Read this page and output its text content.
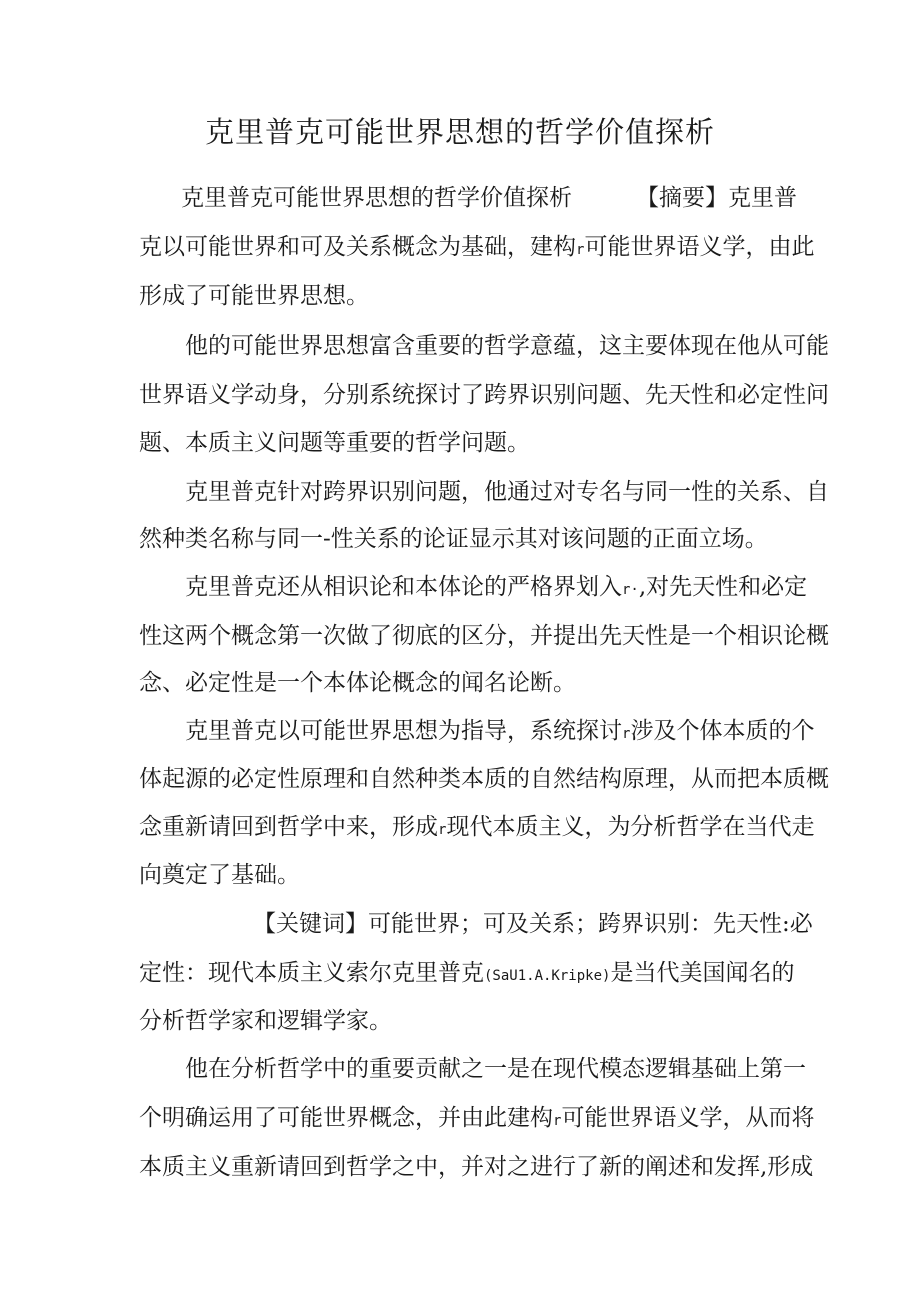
克里普克可能世界思想的哲学价值探析

克里普克可能世界思想的哲学价值探析	【摘要】克里普

克以可能世界和可及关系概念为基础，建构r可能世界语义学，由此

形成了可能世界思想。

他的可能世界思想富含重要的哲学意蕴，这主要体现在他从可能

世界语义学动身，分别系统探讨了跨界识别问题、先天性和必定性问

题、本质主义问题等重要的哲学问题。

克里普克针对跨界识别问题，他通过对专名与同一性的关系、自

然种类名称与同一-性关系的论证显示其对该问题的正面立场。

克里普克还从相识论和本体论的严格界划入r·,对先天性和必定

性这两个概念第一次做了彻底的区分，并提出先天性是一个相识论概

念、必定性是一个本体论概念的闻名论断。

克里普克以可能世界思想为指导，系统探讨r涉及个体本质的个

体起源的必定性原理和自然种类本质的自然结构原理，从而把本质概

念重新请回到哲学中来，形成r现代本质主义，为分析哲学在当代走

向奠定了基础。

【关键词】可能世界；可及关系；跨界识别：先天性:必

定性：现代本质主义索尔克里普克(SaU1.A.Kripke)是当代美国闻名的

分析哲学家和逻辑学家。

他在分析哲学中的重要贡献之一是在现代模态逻辑基础上第一

个明确运用了可能世界概念，并由此建构r可能世界语义学，从而将

本质主义重新请回到哲学之中，并对之进行了新的阐述和发挥,形成
